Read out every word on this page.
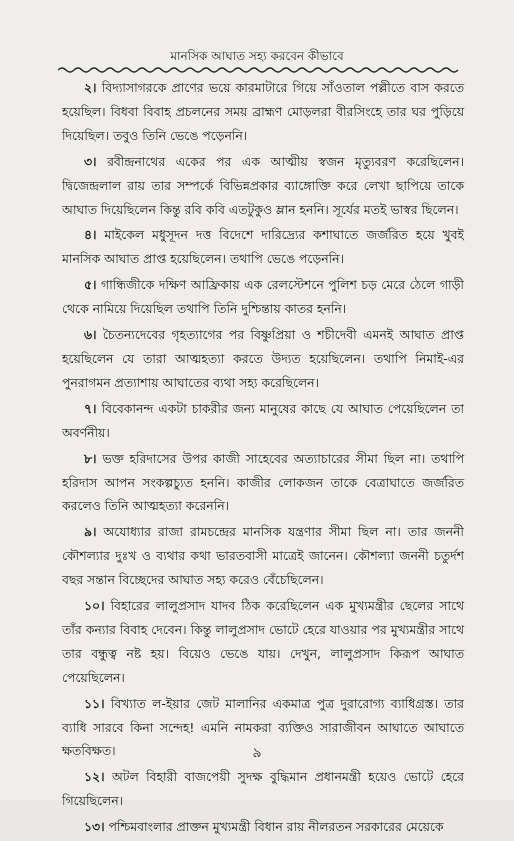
মানসিক আঘাত সহ্য করবেন কীভাবে

২। বিদ্যাসাগরকে প্রাণের ভয়ে কারমাটারে গিয়ে সাঁওতাল পল্লীতে বাস করতে হয়েছিল। বিধবা বিবাহ প্রচলনের সময় ব্রাহ্মণ মোড়লরা বীরসিংহে তার ঘর পুড়িয়ে দিয়েছিল। তবুও তিনি ভেঙে পড়েননি।

৩। রবীন্দ্রনাথের একের পর এক আত্মীয় স্বজন মৃত্যুবরণ করেছিলেন। দ্বিজেন্দ্রলাল রায় তার সম্পর্কে বিভিন্নপ্রকার ব্যাঙ্গোক্তি করে লেখা ছাপিয়ে তাকে আঘাত দিয়েছিলেন কিন্তু রবি কবি এতটুকুও ম্লান হননি। সূর্যের মতই ভাস্বর ছিলেন।

৪। মাইকেল মধুসূদন দত্ত বিদেশে দারিদ্র্যের কশাঘাতে জর্জরিত হয়ে খুবই মানসিক আঘাত প্রাপ্ত হয়েছিলেন। তথাপি ভেঙে পড়েননি।

৫। গান্ধিজীকে দক্ষিণ আফ্রিকায় এক রেলস্টেশনে পুলিশ চড় মেরে ঠেলে গাড়ী থেকে নামিয়ে দিয়েছিল তথাপি তিনি দুশ্চিন্তায় কাতর হননি।

৬। চৈতন্যদেবের গৃহত্যাগের পর বিষ্ণুপ্রিয়া ও শচীদেবী এমনই আঘাত প্রাপ্ত হয়েছিলেন যে তারা আত্মহত্যা করতে উদ্যত হয়েছিলেন। তথাপি নিমাই-এর পুনরাগমন প্রত্যাশায় আঘাতের ব্যথা সহ্য করেছিলেন।

৭। বিবেকানন্দ একটা চাকরীর জন্য মানুষের কাছে যে আঘাত পেয়েছিলেন তা অবর্ণনীয়।

৮। ভক্ত হরিদাসের উপর কাজী সাহেবের অত্যাচারের সীমা ছিল না। তথাপি হরিদাস আপন সংকল্পচ্যুত হননি। কাজীর লোকজন তাকে বেত্রাঘাতে জর্জরিত করলেও তিনি আত্মহত্যা করেননি।

৯। অযোধ্যার রাজা রামচন্দ্রের মানসিক যন্ত্রণার সীমা ছিল না। তার জননী কৌশল্যার দুঃখ ও ব্যথার কথা ভারতবাসী মাত্রেই জানেন। কৌশল্যা জননী চতুর্দশ বছর সন্তান বিচ্ছেদের আঘাত সহ্য করেও বেঁচেছিলেন।

১০। বিহারের লালুপ্রসাদ যাদব ঠিক করেছিলেন এক মুখ্যমন্ত্রীর ছেলের সাথে তাঁর কন্যার বিবাহ দেবেন। কিন্তু লালুপ্রসাদ ভোটে হেরে যাওয়ার পর মুখ্যমন্ত্রীর সাথে তার বন্ধুত্ব নষ্ট হয়। বিয়েও ভেঙে যায়। দেখুন, লালুপ্রসাদ কিরূপ আঘাত পেয়েছিলেন।

১১। বিখ্যাত ল-ইয়ার জেট মালানির একমাত্র পুত্র দুরারোগ্য ব্যাধিগ্রস্ত। তার ব্যাধি সারবে কিনা সন্দেহ! এমনি নামকরা ব্যক্তিও সারাজীবন আঘাতে আঘাতে ক্ষতবিক্ষত।

১২। অটল বিহারী বাজপেয়ী সুদক্ষ বুদ্ধিমান প্রধানমন্ত্রী হয়েও ভোটে হেরে গিয়েছিলেন।

১৩। পশ্চিমবাংলার প্রাক্তন মুখ্যমন্ত্রী বিধান রায় নীলরতন সরকারের মেয়েকে

৯
